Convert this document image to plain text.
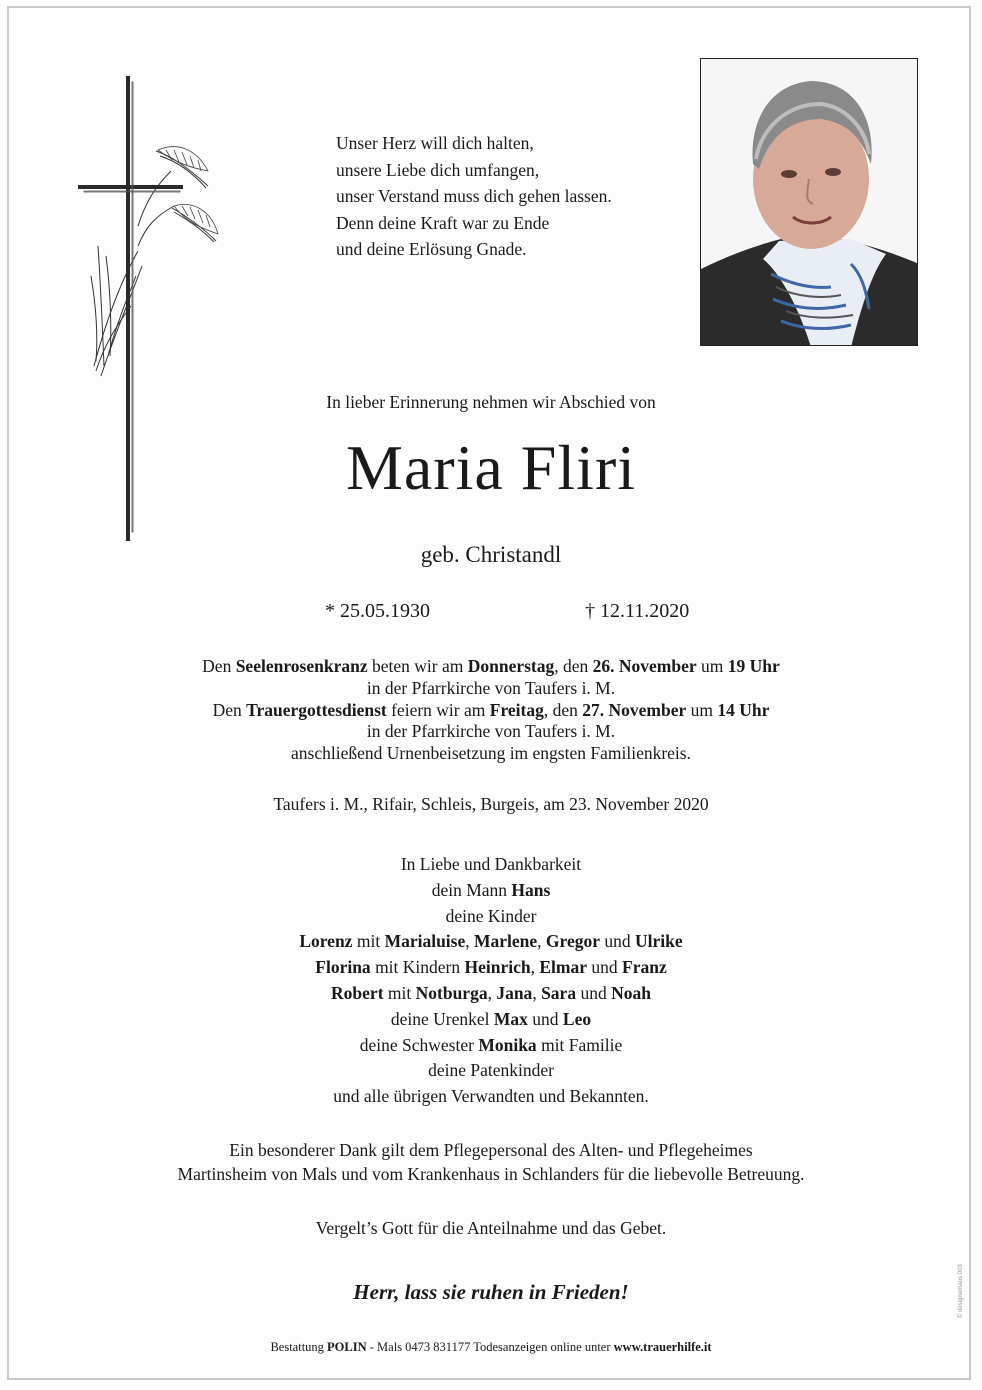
Unser Herz will dich halten,
unsere Liebe dich umfangen,
unser Verstand muss dich gehen lassen.
Denn deine Kraft war zu Ende
und deine Erlösung Gnade.
In lieber Erinnerung nehmen wir Abschied von
Maria Fliri
geb. Christandl
* 25.05.1930	† 12.11.2020
Den Seelenrosenkranz beten wir am Donnerstag, den 26. November um 19 Uhr
in der Pfarrkirche von Taufers i. M.
Den Trauergottesdienst feiern wir am Freitag, den 27. November um 14 Uhr
in der Pfarrkirche von Taufers i. M.
anschließend Urnenbeisetzung im engsten Familienkreis.
Taufers i. M., Rifair, Schleis, Burgeis, am 23. November 2020
In Liebe und Dankbarkeit
dein Mann Hans
deine Kinder
Lorenz mit Marialuise, Marlene, Gregor und Ulrike
Florina mit Kindern Heinrich, Elmar und Franz
Robert mit Notburga, Jana, Sara und Noah
deine Urenkel Max und Leo
deine Schwester Monika mit Familie
deine Patenkinder
und alle übrigen Verwandten und Bekannten.
Ein besonderer Dank gilt dem Pflegepersonal des Alten- und Pflegeheimes
Martinsheim von Mals und vom Krankenhaus in Schlanders für die liebevolle Betreuung.
Vergelt’s Gott für die Anteilnahme und das Gebet.
Herr, lass sie ruhen in Frieden!
Bestattung POLIN - Mals 0473 831177 Todesanzeigen online unter www.trauerhilfe.it
© designerhaus 003
